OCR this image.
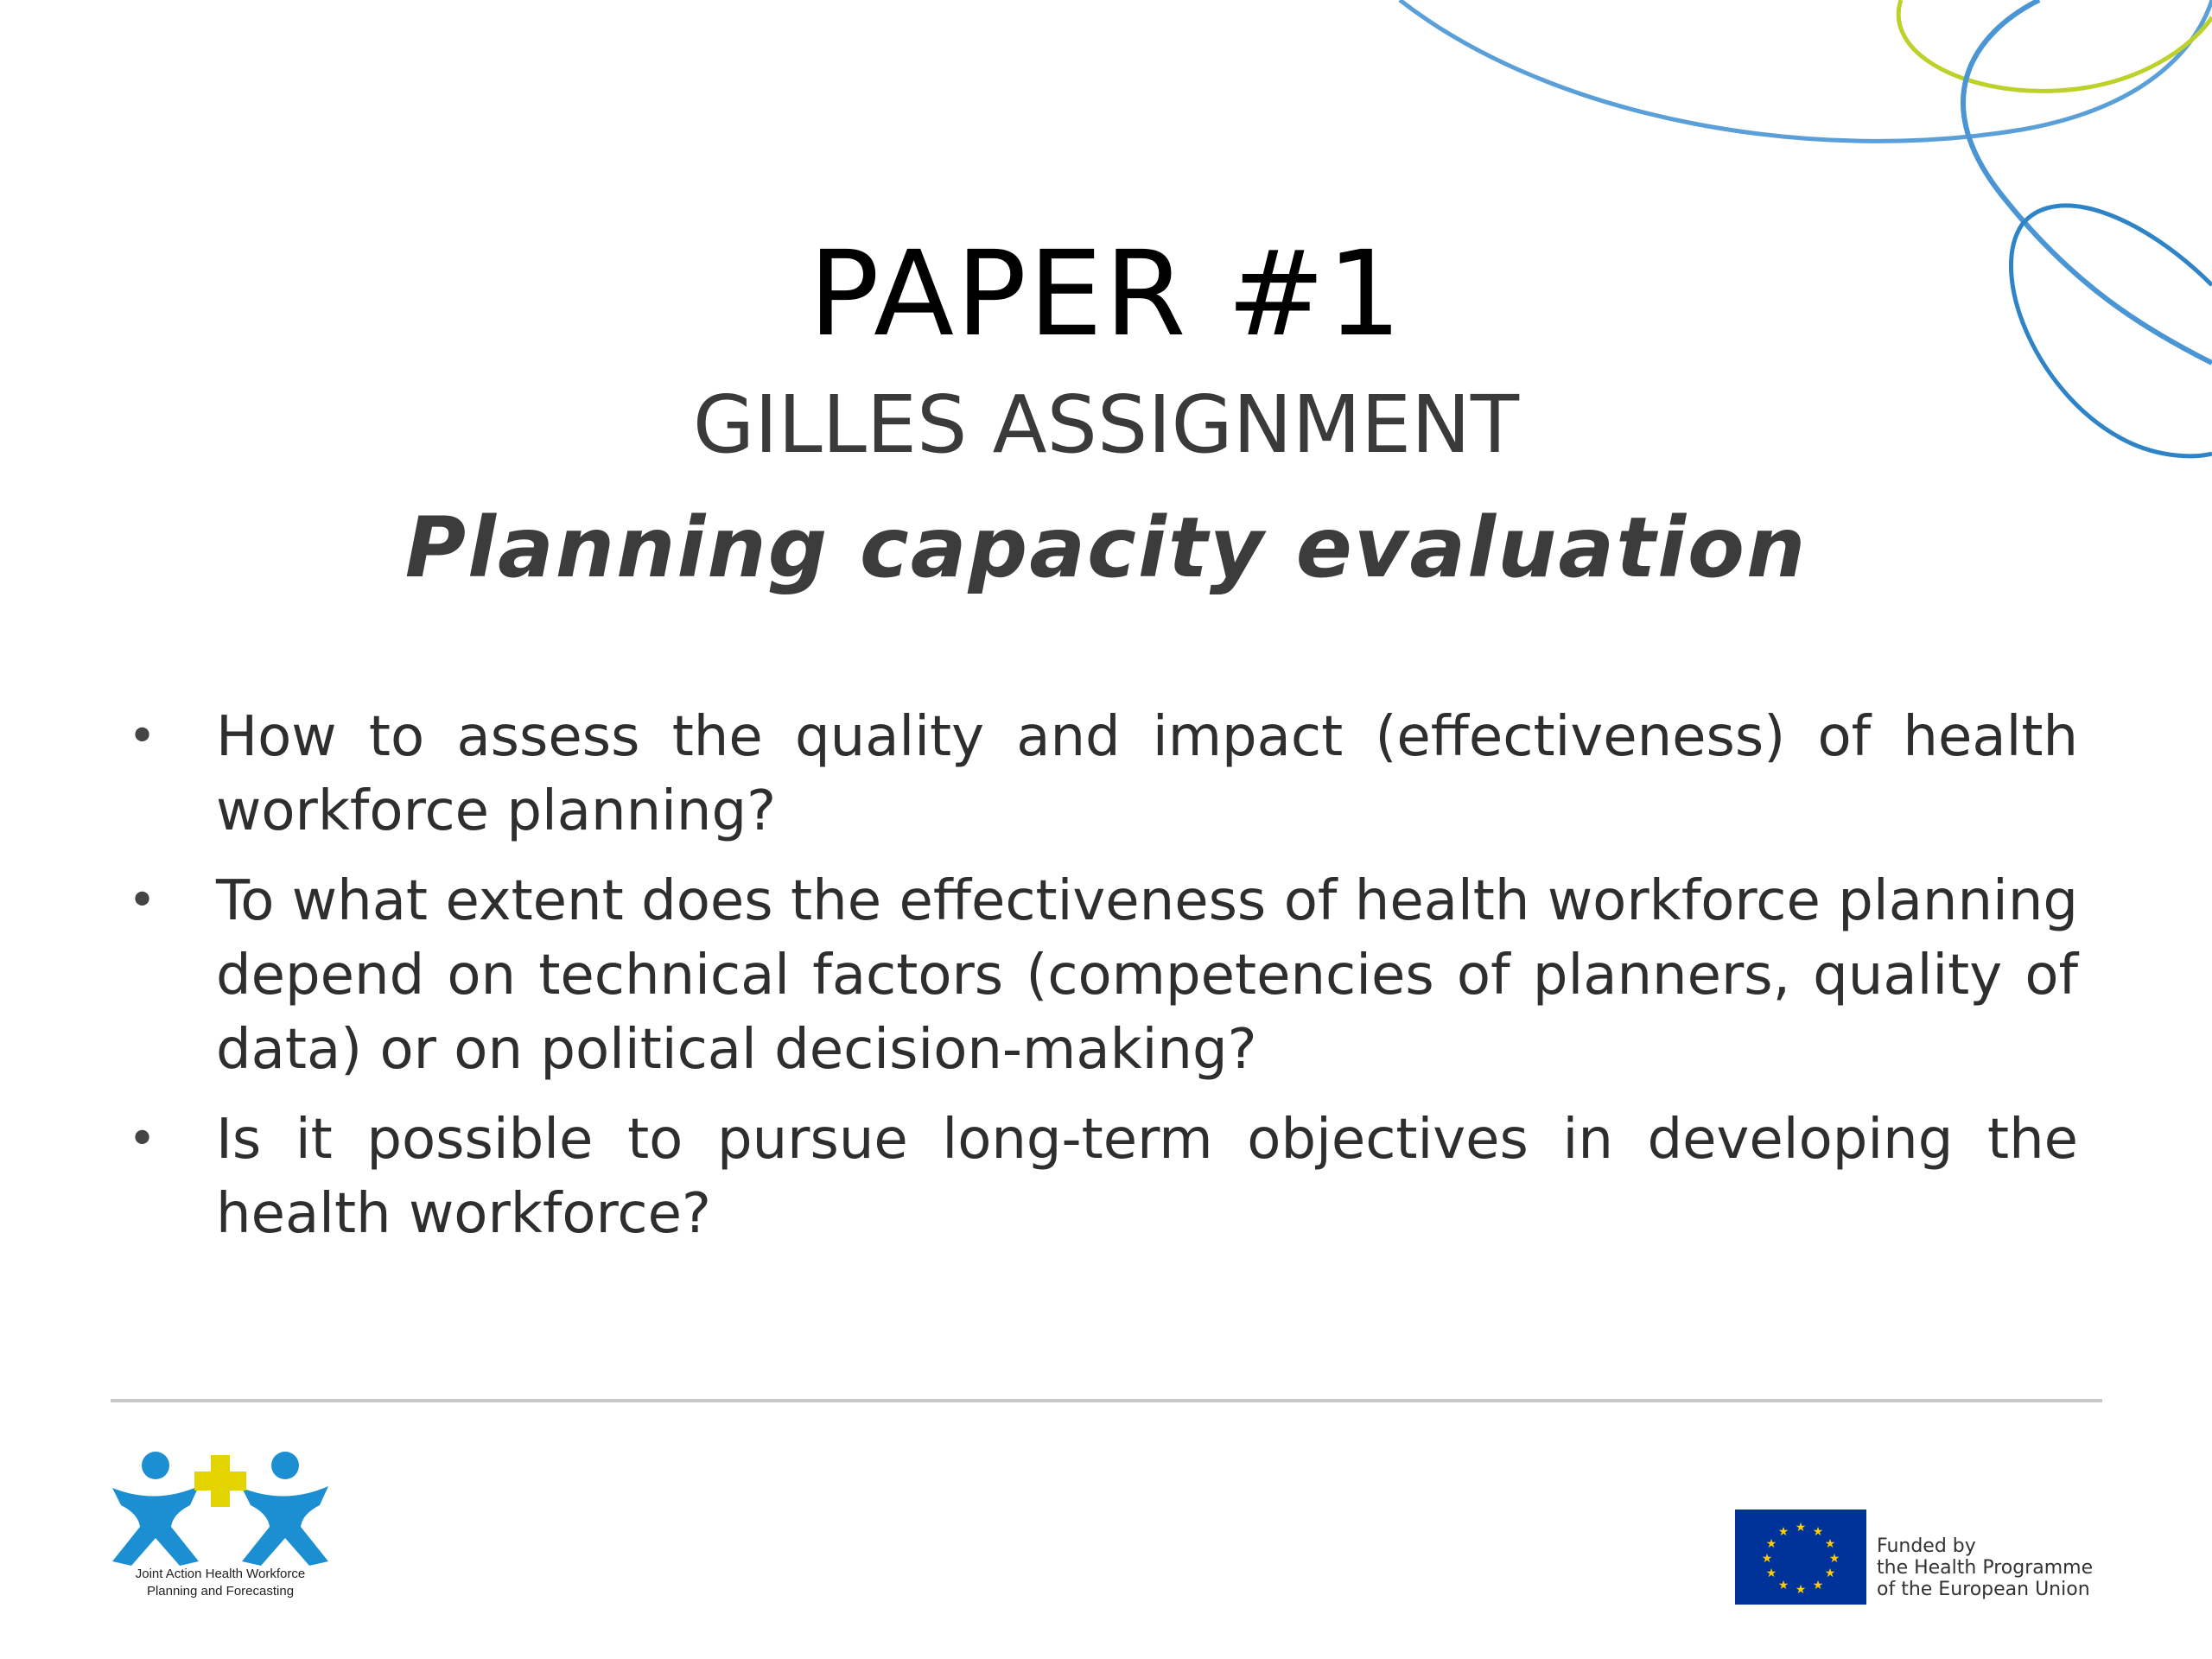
PAPER #1
GILLES ASSIGNMENT
Planning capacity evaluation
• How to assess the quality and impact (effectiveness) of health workforce planning?
• To what extent does the effectiveness of health workforce planning depend on technical factors (competencies of planners, quality of data) or on political decision-making?
• Is it possible to pursue long-term objectives in developing the health workforce?
Joint Action Health Workforce
Planning and Forecasting
★ ★
★
★
★
★
★
★
★
★
★
★
Funded by
the Health Programme
of the European Union
